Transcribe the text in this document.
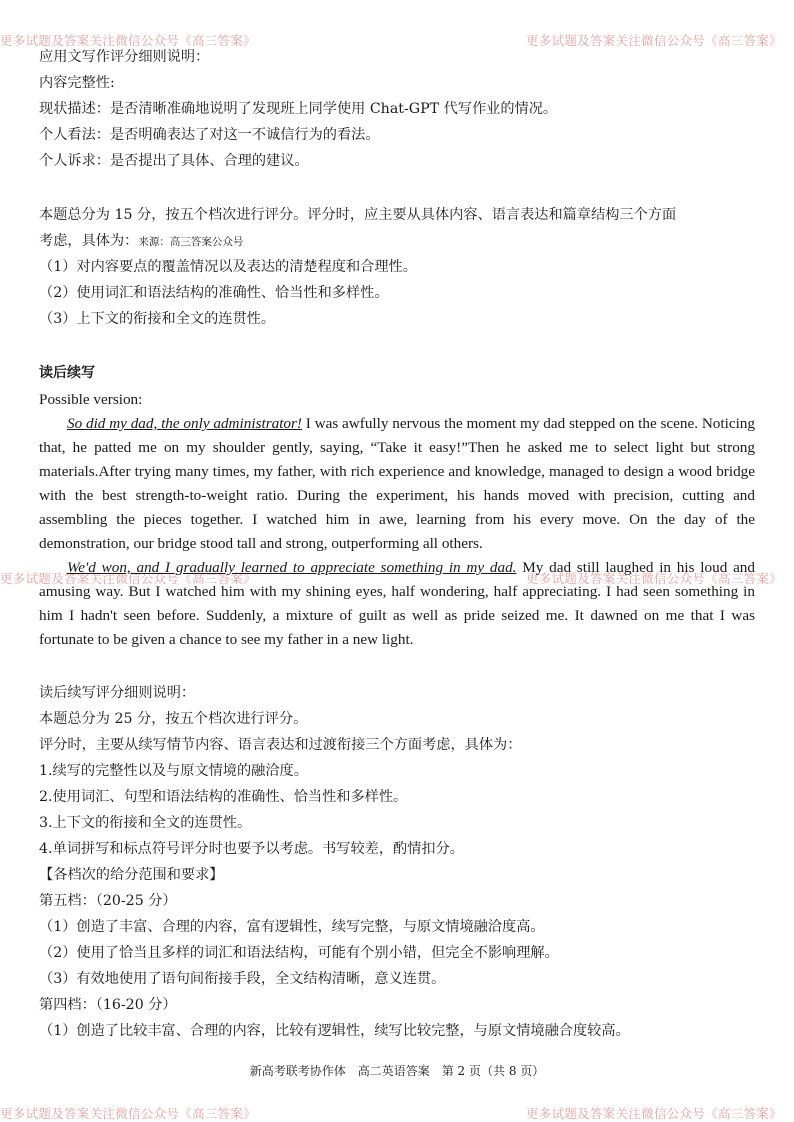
更多试题及答案关注微信公众号《高三答案》	更多试题及答案关注微信公众号《高三答案》
更多试题及答案关注微信公众号《高三答案》	更多试题及答案关注微信公众号《高三答案》
更多试题及答案关注微信公众号《高三答案》	更多试题及答案关注微信公众号《高三答案》
应用文写作评分细则说明：
内容完整性:
现状描述：是否清晰准确地说明了发现班上同学使用 Chat-GPT 代写作业的情况。
个人看法：是否明确表达了对这一不诚信行为的看法。
个人诉求：是否提出了具体、合理的建议。
本题总分为 15 分，按五个档次进行评分。评分时，应主要从具体内容、语言表达和篇章结构三个方面
考虑，具体为：来源：高三答案公众号
（1）对内容要点的覆盖情况以及表达的清楚程度和合理性。
（2）使用词汇和语法结构的准确性、恰当性和多样性。
（3）上下文的衔接和全文的连贯性。
读后续写
Possible version:

So did my dad, the only administrator! I was awfully nervous the moment my dad stepped on the scene. Noticing that, he patted me on my shoulder gently, saying, “Take it easy!”Then he asked me to select light but strong materials.After trying many times, my father, with rich experience and knowledge, managed to design a wood bridge with the best strength-to-weight ratio. During the experiment, his hands moved with precision, cutting and assembling the pieces together. I watched him in awe, learning from his every move. On the day of the demonstration, our bridge stood tall and strong, outperforming all others.

We'd won, and I gradually learned to appreciate something in my dad. My dad still laughed in his loud and amusing way. But I watched him with my shining eyes, half wondering, half appreciating. I had seen something in him I hadn't seen before. Suddenly, a mixture of guilt as well as pride seized me. It dawned on me that I was fortunate to be given a chance to see my father in a new light.

读后续写评分细则说明：
本题总分为 25 分，按五个档次进行评分。
评分时，主要从续写情节内容、语言表达和过渡衔接三个方面考虑，具体为：
1.续写的完整性以及与原文情境的融洽度。
2.使用词汇、句型和语法结构的准确性、恰当性和多样性。
3.上下文的衔接和全文的连贯性。
4.单词拼写和标点符号评分时也要予以考虑。书写较差，酌情扣分。
【各档次的给分范围和要求】
第五档：（20-25 分）
（1）创造了丰富、合理的内容，富有逻辑性，续写完整，与原文情境融洽度高。
（2）使用了恰当且多样的词汇和语法结构，可能有个别小错，但完全不影响理解。
（3）有效地使用了语句间衔接手段，全文结构清晰，意义连贯。
第四档：（16-20 分）
（1）创造了比较丰富、合理的内容，比较有逻辑性，续写比较完整，与原文情境融合度较高。
新高考联考协作体　高二英语答案　第 2 页（共 8 页）
